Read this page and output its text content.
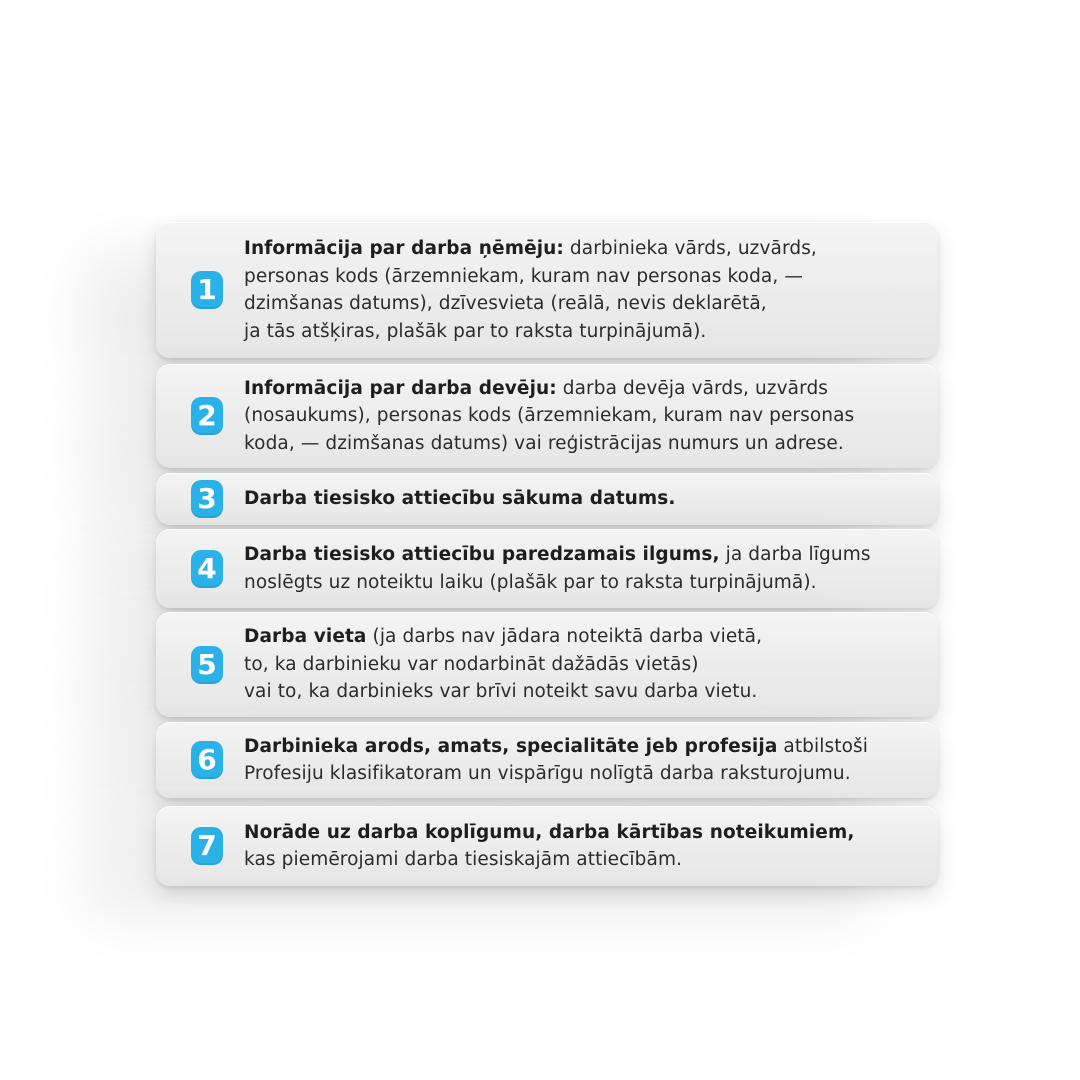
1
Informācija par darba ņēmēju: darbinieka vārds, uzvārds,
personas kods (ārzemniekam, kuram nav personas koda, —
dzimšanas datums), dzīvesvieta (reālā, nevis deklarētā,
ja tās atšķiras, plašāk par to raksta turpinājumā).
2
Informācija par darba devēju: darba devēja vārds, uzvārds
(nosaukums), personas kods (ārzemniekam, kuram nav personas
koda, — dzimšanas datums) vai reģistrācijas numurs un adrese.
3	Darba tiesisko attiecību sākuma datums.
4	Darba tiesisko attiecību paredzamais ilgums, ja darba līgums
noslēgts uz noteiktu laiku (plašāk par to raksta turpinājumā).
5
Darba vieta (ja darbs nav jādara noteiktā darba vietā,
to, ka darbinieku var nodarbināt dažādās vietās)
vai to, ka darbinieks var brīvi noteikt savu darba vietu.
6	Darbinieka arods, amats, specialitāte jeb profesija atbilstoši
Profesiju klasifikatoram un vispārīgu nolīgtā darba raksturojumu.
7	Norāde uz darba koplīgumu, darba kārtības noteikumiem,
kas piemērojami darba tiesiskajām attiecībām.
